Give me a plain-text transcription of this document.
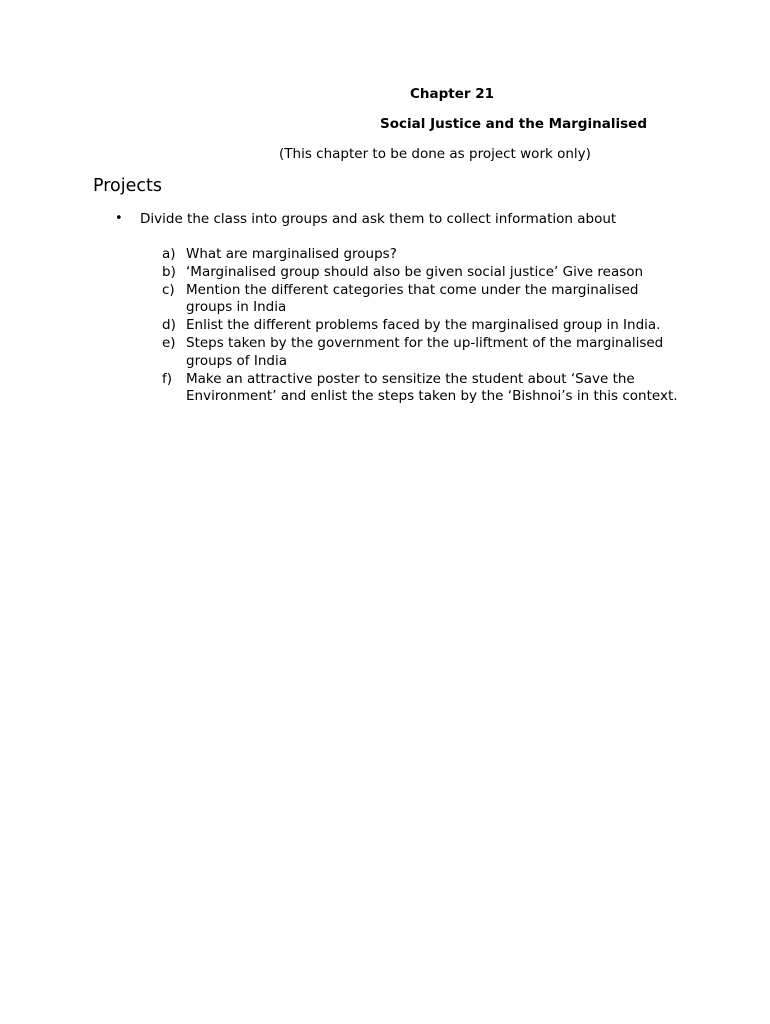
Chapter 21
Social Justice and the Marginalised
(This chapter to be done as project work only)
Projects
• Divide the class into groups and ask them to collect information about
a) What are marginalised groups?
b) ‘Marginalised group should also be given social justice’ Give reason
c) Mention the different categories that come under the marginalised groups in India
d) Enlist the different problems faced by the marginalised group in India.
e) Steps taken by the government for the up-liftment of the marginalised groups of India
f)	Make an attractive poster to sensitize the student about ‘Save the Environment’ and enlist the steps taken by the ‘Bishnoi’s in this context.
